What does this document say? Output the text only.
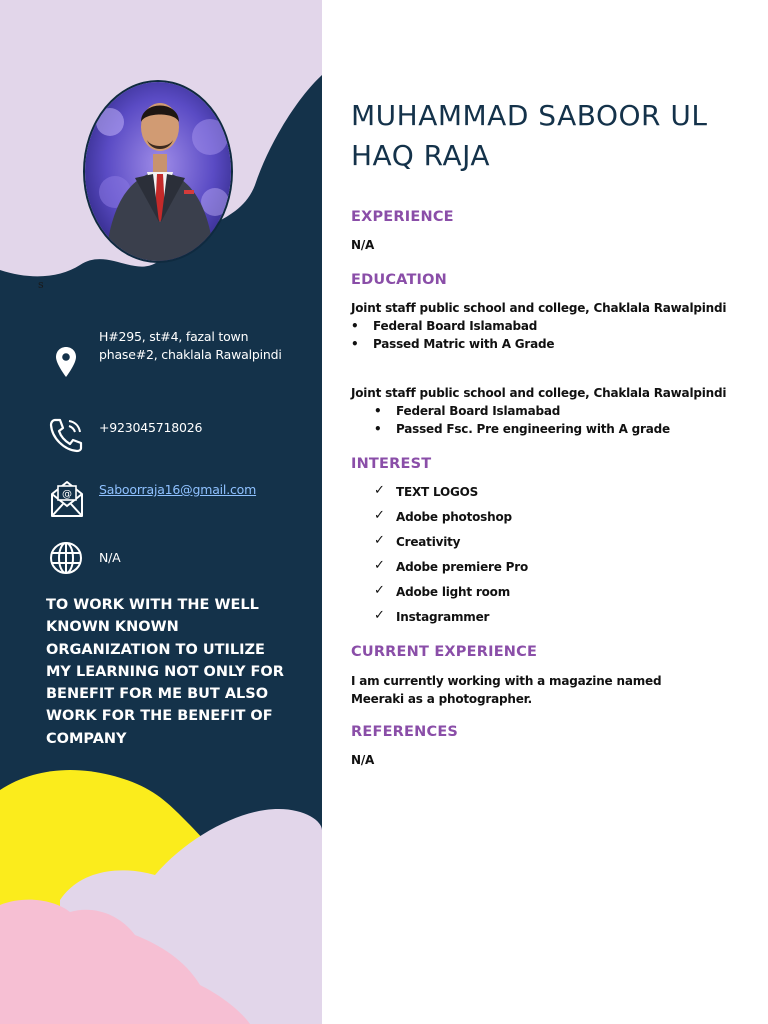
s
H#295, st#4, fazal town phase#2, chaklala Rawalpindi
+923045718026
@ Saboorraja16@gmail.com
N/A
TO WORK WITH THE WELL KNOWN KNOWN ORGANIZATION TO UTILIZE MY LEARNING NOT ONLY FOR BENEFIT FOR ME BUT ALSO WORK FOR THE BENEFIT OF COMPANY
MUHAMMAD SABOOR UL HAQ RAJA
EXPERIENCE
N/A
EDUCATION
Joint staff public school and college, Chaklala Rawalpindi
• Federal Board Islamabad
• Passed Matric with A Grade
Joint staff public school and college, Chaklala Rawalpindi
• Federal Board Islamabad
• Passed Fsc. Pre engineering with A grade
INTEREST
✓ TEXT LOGOS
✓ Adobe photoshop
✓ Creativity
✓ Adobe premiere Pro
✓ Adobe light room
✓ Instagrammer
CURRENT EXPERIENCE
I am currently working with a magazine named Meeraki as a photographer.
REFERENCES
N/A
